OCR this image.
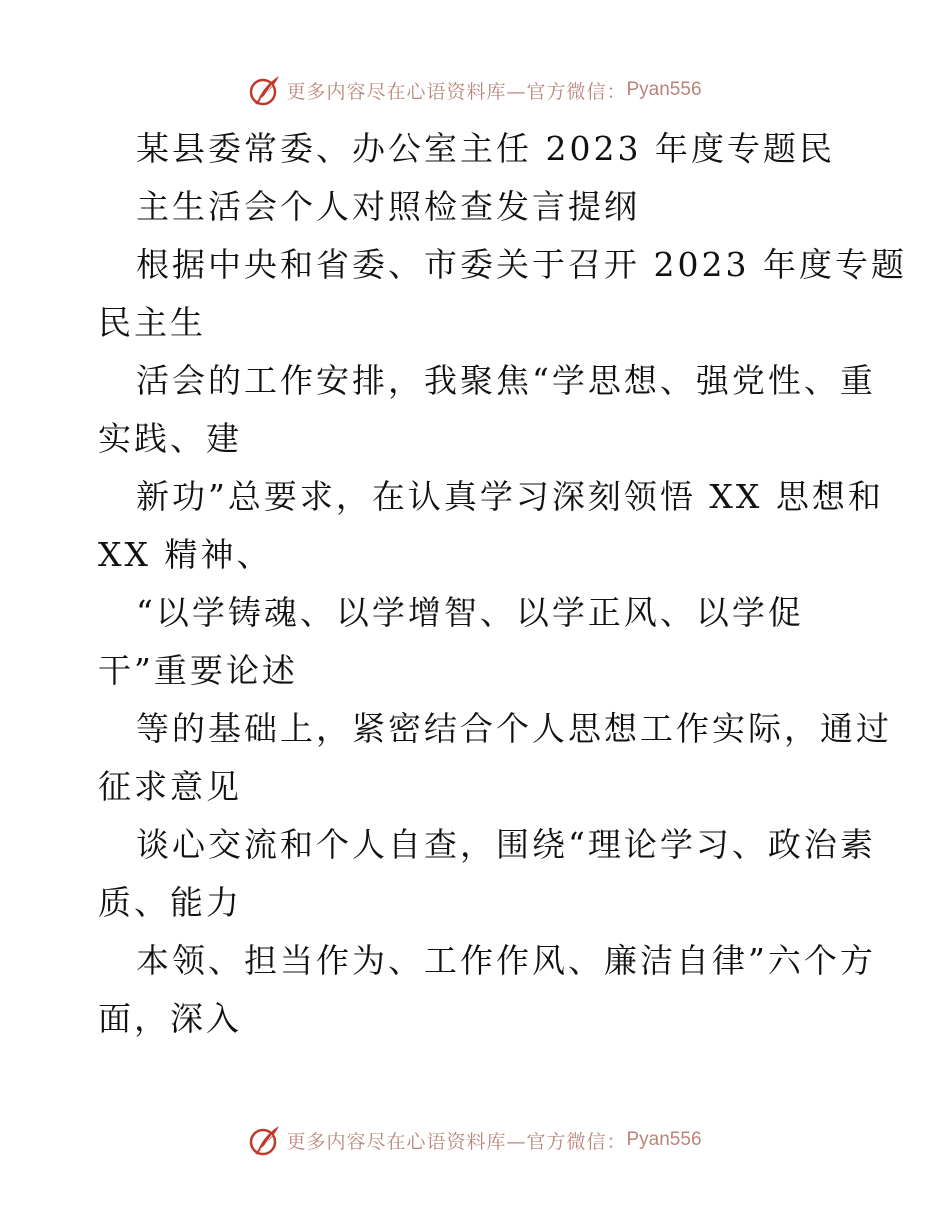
更多内容尽在心语资料库—官方微信： Pyan556
某县委常委、办公室主任 2023 年度专题民
主生活会个人对照检查发言提纲
根据中央和省委、市委关于召开 2023 年度专题
民主生
活会的工作安排，我聚焦“学思想、强党性、重
实践、建
新功”总要求，在认真学习深刻领悟 XX 思想和
XX 精神、
“以学铸魂、以学增智、以学正风、以学促
干”重要论述
等的基础上，紧密结合个人思想工作实际，通过
征求意见
谈心交流和个人自查，围绕“理论学习、政治素
质、能力
本领、担当作为、工作作风、廉洁自律”六个方
面，深入
更多内容尽在心语资料库—官方微信： Pyan556
